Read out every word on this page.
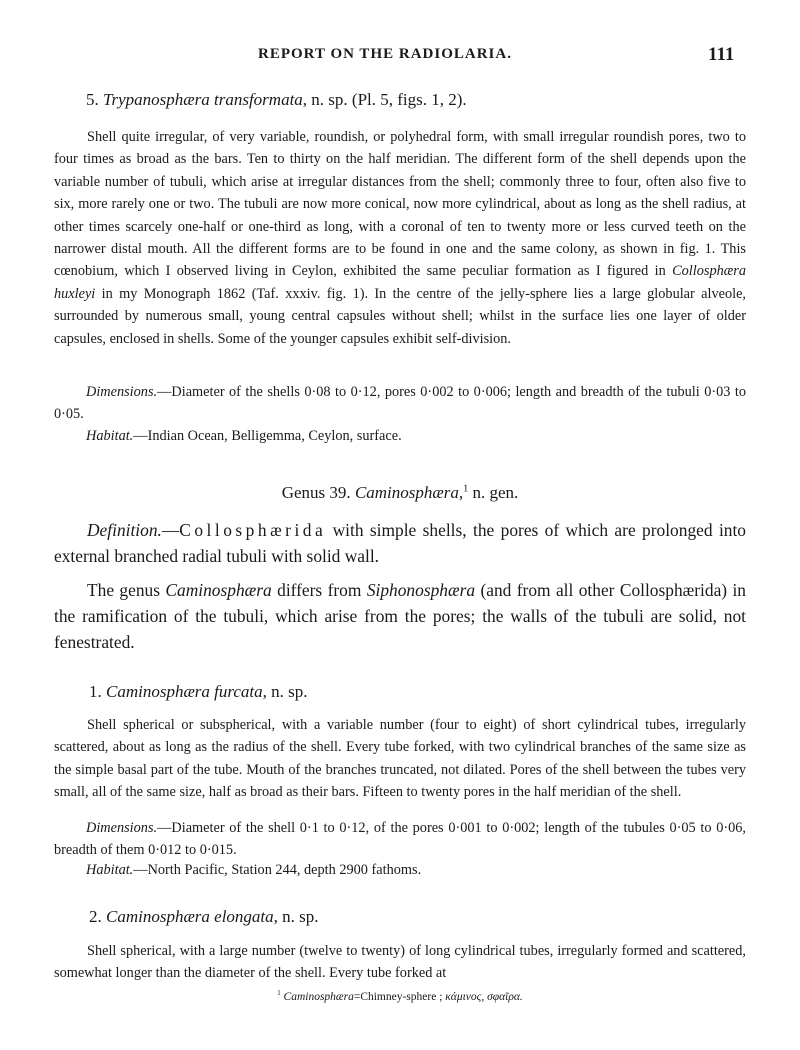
REPORT ON THE RADIOLARIA.	111
5. Trypanosphæra transformata, n. sp. (Pl. 5, figs. 1, 2).

Shell quite irregular, of very variable, roundish, or polyhedral form, with small irregular roundish pores, two to four times as broad as the bars. Ten to thirty on the half meridian. The different form of the shell depends upon the variable number of tubuli, which arise at irregular distances from the shell; commonly three to four, often also five to six, more rarely one or two. The tubuli are now more conical, now more cylindrical, about as long as the shell radius, at other times scarcely one-half or one-third as long, with a coronal of ten to twenty more or less curved teeth on the narrower distal mouth. All the different forms are to be found in one and the same colony, as shown in fig. 1. This cœnobium, which I observed living in Ceylon, exhibited the same peculiar formation as I figured in Collosphæra huxleyi in my Monograph 1862 (Taf. xxxiv. fig. 1). In the centre of the jelly-sphere lies a large globular alveole, surrounded by numerous small, young central capsules without shell; whilst in the surface lies one layer of older capsules, enclosed in shells. Some of the younger capsules exhibit self-division.

Dimensions.—Diameter of the shells 0·08 to 0·12, pores 0·002 to 0·006; length and breadth of the tubuli 0·03 to 0·05.

Habitat.—Indian Ocean, Belligemma, Ceylon, surface.

Genus 39. Caminosphæra,$^1$ n. gen.

Definition.—Collosphærida with simple shells, the pores of which are prolonged into external branched radial tubuli with solid wall.

The genus Caminosphæra differs from Siphonosphæra (and from all other Collosphærida) in the ramification of the tubuli, which arise from the pores; the walls of the tubuli are solid, not fenestrated.

1. Caminosphæra furcata, n. sp.

Shell spherical or subspherical, with a variable number (four to eight) of short cylindrical tubes, irregularly scattered, about as long as the radius of the shell. Every tube forked, with two cylindrical branches of the same size as the simple basal part of the tube. Mouth of the branches truncated, not dilated. Pores of the shell between the tubes very small, all of the same size, half as broad as their bars. Fifteen to twenty pores in the half meridian of the shell.

Dimensions.—Diameter of the shell 0·1 to 0·12, of the pores 0·001 to 0·002; length of the tubules 0·05 to 0·06, breadth of them 0·012 to 0·015.

Habitat.—North Pacific, Station 244, depth 2900 fathoms.

2. Caminosphæra elongata, n. sp.

Shell spherical, with a large number (twelve to twenty) of long cylindrical tubes, irregularly formed and scattered, somewhat longer than the diameter of the shell. Every tube forked at

$^1$ Caminosphæra=Chimney-sphere ; κάμινος, σφαῖρα.
